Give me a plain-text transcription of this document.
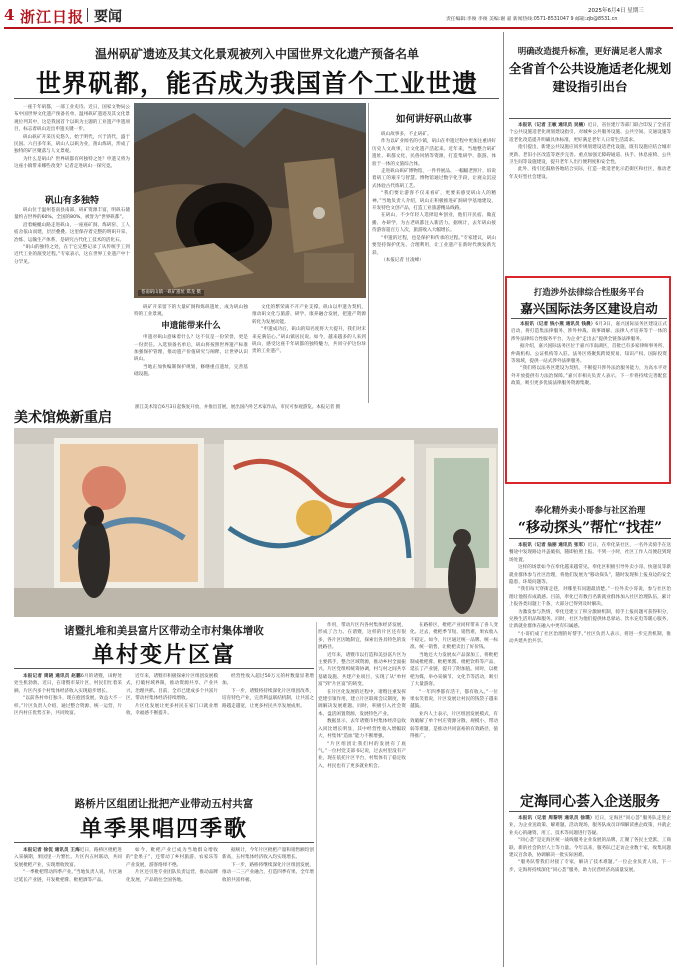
4 浙江日报 要闻	2025年6月4日 星期三
责任编辑:李俊 李俊 美编:谢 嘉 新闻热线:0571-8531047 9 邮箱:zjb@8531.cn
温州矾矿遗迹及其文化景观被列入中国世界文化遗产预备名单
世界矾都，能否成为我国首个工业世遗

一座千年矾都，一部工业史诗。近日，国家文物局公布中国世界文化遗产预备名单，温州矾矿遗迹及其文化景观位列其中，这是我国首个以矾为主题的工业遗产申遗项目，标志着矾山迈出申遗关键一步。

矾山矾矿开采历史悠久，始于明代，兴于清代，盛于民国。六百多年来，矾山人以矾为业，凿山炼矾，形成了独特的矿区聚落与人文景观。

为什么是矾山？世界矾都有何独特之处？申遗又将为这座小镇带来哪些改变？记者走进矾山一探究竟。

矾山有多独特

矾山位于温州苍南县南部，矾矿资源丰富，明矾石储量约占世界的60%、全国的80%，被誉为“世界矾都”。

沿着蜿蜒山路走进矾山，一座座矿洞、炼矾窑、工人宿舍依山而建，层层叠叠。这里保存着完整的明矾开采、冶炼、运输生产体系，是研究古代化工技术的活化石。

“矾山的独特之处，在于它完整记录了从传统手工到近代工业的演变过程。”专家表示，这在世界工业遗产中十分罕见。

苍南矾山镇一矾矿遗址 郑龙 摄
如何讲好矾山故事

矾山故事多，不止矾矿。

作为以矿业闻名的小镇，矾山在申遗过程中更加注重讲好历史人文故事，让文化遗产活起来。近年来，当地整合矾矿遗址、矾都文化、民俗风情等资源，打造集研学、旅游、体验于一体的文旅综合体。

走进矾山矾矿博物馆，一件件展品、一幅幅老照片，诉说着矾工的艰辛与智慧。博物馆通过数字化手段，让观众沉浸式体验古代炼矾工艺。

“我们要让游客不仅来看矿，更要来感受矾山人的精神。”当地负责人介绍，矾山正积极推进矿洞研学基地建设，开发特色文创产品，打造工业旅游精品线路。

在矾山，不少年轻人选择返乡创业，他们开民宿、做直播、办研学，为古老矾都注入新活力。据统计，去年矾山接待游客超百万人次，旅游收入大幅增长。

“申遗的过程，也是保护和传承的过程。”专家建议，矾山要坚持保护优先、合理利用，让工业遗产在新时代焕发新光彩。

（本报记者 甘凌峰）

矾矿开采留下的大量矿洞和炼矾遗址，成为矾山独特的工业景观。

申遗能带来什么

申遗对矾山意味着什么？这不仅是一份荣誉，更是一份责任。入选预备名单后，矾山将按照世界遗产标准加强保护管理，推动遗产价值研究与阐释，让世界认识矾山。

当地正加快编制保护规划，修缮重点遗址，完善基础设施。

文化的繁荣离不开产业支撑。矾山以申遗为契机，推动矾文化与旅游、研学、康养融合发展，把遗产资源转化为发展动能。

“申遗成功后，矾山的知名度将大大提升，我们对未来充满信心。”矾山镇居民说。如今，越来越多的人来到矾山，感受这座千年矾都的独特魅力，共同守护这份珍贵的工业遗产。

美术馆焕新重启
浙江美术馆自6月3日起恢复开放，并推出首展，展出国内外艺术家作品，市民可参观游览。本报记者 摄
诸暨扎堆和美县富片区带动全市村集体增收
单村变片区富

本报记者 周晓 通讯员 赵鹏6月的诸暨，田野处处生机勃勃。近日，在诸暨市某片区，村民们忙着采摘，片区内多个村集体经济收入实现稳步增长。

“以前各村单打独斗，现在抱团发展，效益大不一样。”片区负责人介绍，通过整合资源、统一运营，片区内村庄优势互补，共同致富。

近年来，诸暨市积极探索片区组团发展模式，打破村域界限，推动资源共享、产业共兴、治理共抓。目前，全市已建成多个共富片区，带动村集体经济持续增收。

片区化发展让更多村民在家门口就业增收，幸福感不断提升。

经营性收入超过50万元的村数量显著增加。

下一步，诸暨将持续深化片区组团改革，培育特色产业，完善利益联结机制，让共富之路越走越宽，让更多村民共享发展成果。

路桥片区组团让批把产业带动五村共富
单季果唱四季歌

本报记者 徐侃 通讯员 王海近日，路桥区枇杷进入采摘期，果园里一片繁忙。片区内五村联动，共同发展枇杷产业，实现增收致富。

“一季枇杷带动四季产业。”当地负责人说，片区通过延长产业链，开发枇杷膏、枇杷酒等产品。

如今，枇杷产业已成为当地群众增收的“金果子”，还带动了乡村旅游、农家乐等产业发展，游客络绎不绝。

片区还引进专业团队负责运营，推动品牌化发展，产品销往全国各地。

据统计，今年片区枇杷产量和销售额均创新高，五村集体经济收入均实现增长。

下一步，路桥将继续深化片区组团发展，推动一二三产业融合，打造四季有果、全年增收的共富样板。

作用，带动片区内各村集体经济发展，形成了合力。在诸暨，这样的片区还有很多，各片区因地制宜，探索出各具特色的发展路径。

近年来，诸暨市以打造和美县富片区为主要抓手，整合区域资源，推动乡村全面振兴。片区党组织统筹协调，村与村之间共享基础设施、共建产业项目，实现了从“单村富”到“片区富”的转变。

在片区化发展的过程中，诸暨注重发挥党建引领作用，建立片区联席会议制度，协调解决发展难题。同时，积极引入社会资本，盘活闲置资源，发展特色产业。

数据显示，去年诸暨市村集体经济总收入同比增长明显，其中经营性收入增幅较大，村集体“造血”能力不断增强。

“片区组团让我们村的发展有了底气。”一位村党支部书记说，过去村里没有产业，现在依托片区平台，村集体有了稳定收入，村民也有了更多就业机会。

在路桥区，枇杷产业同样带来了喜人变化。过去，枇杷季节短、销售难，果农收入不稳定。如今，片区通过统一品牌、统一标准、统一销售，让枇杷卖出了好价钱。

当地还大力发展农产品深加工，将枇杷制成枇杷膏、枇杷果酱、枇杷饮料等产品，延长了产业链，提升了附加值。同时，以枇杷为媒，举办采摘节、文化节等活动，吸引了大量游客。

“一年四季都有活干，都有收入。”一位果农笑着说，片区发展让村民的钱袋子越来越鼓。

业内人士表示，片区组团发展模式，有效破解了单个村庄资源分散、规模小、带动弱等难题，是推动共同富裕的有效路径，值得推广。

明确改造提升标准，更好满足老人需求
全省首个公共设施适老化规划建设指引出台

本报讯（记者 王敏 通讯员 吴楠）近日，省住建厅等部门联合印发了全省首个公共设施适老化规划建设指引，对城乡公共服务设施、公共空间、交通设施等适老化改造提升明确具体标准，更好满足老年人日常生活需求。

指引提出，新建公共设施应同步规划建设适老化设施，既有设施应结合城市更新、老旧小区改造等逐步完善。重点加强无障碍通道、扶手、休息座椅、公共卫生间等设施建设，提升老年人出行便利度和安全性。

此外，指引还鼓励各地结合实际，打造一批适老化示范街区和社区，推动老年友好型社会建设。

打造涉外法律综合性服务平台
嘉兴国际法务区建设启动

本报讯（记者 钱小燕 通讯员 钱晨）6月3日，嘉兴国际法务区建设正式启动，将打造集法律服务、涉外仲裁、商事调解、法律人才培养等于一体的涉外法律综合性服务平台，为企业“走出去”提供全链条法律服务。

据介绍，嘉兴国际法务区位于嘉兴市南湖区，首批已有多家律师事务所、仲裁机构、公证机构等入驻。法务区将聚焦跨境贸易、知识产权、国际投资等领域，提供一站式涉外法律服务。

“我们将以法务区建设为契机，不断提升涉外法治服务能力，为高水平对外开放提供有力法治保障。”嘉兴市相关负责人表示，下一步将持续完善配套政策，吸引更多优质法律服务资源集聚。

奉化精外卖小哥参与社区治理
“移动探头”帮忙“找茬”

本报讯（记者 翁丽 通讯员 张军）近日，在奉化某社区，一名外卖骑手在送餐途中发现路边井盖破损，随即拍照上报。不到一小时，社区工作人员便赶到现场处置。

这样的场景如今在奉化越来越常见。奉化区积极引导外卖小哥、快递员等新就业群体参与社区治理，将他们发展为“移动探头”，随时发现和上报身边的安全隐患、环境问题等。

“我们每天穿街走巷，对哪里有问题最清楚。”一位外卖小哥说，参与社区治理让他很有成就感。目前，奉化已有数百名新就业群体加入社区治理队伍，累计上报各类问题上千条，大部分已得到及时解决。

为激发参与热情，奉化还建立了积分激励机制，骑手上报问题可获得积分，兑换生活用品和服务。同时，社区为他们提供休息驿站、饮水充电等暖心服务，让新就业群体在融入中更有归属感。

“小哥们成了社区治理的好帮手。”社区负责人表示，将进一步完善机制，推动共建共治共享。

定海同心荟入企送服务

本报讯（记者 周黎明 通讯员 徐璞）近日，定海区“同心荟”服务队走进企业，为企业送政策、解难题。活动现场，服务队成员详细解读惠企政策，并就企业关心的融资、用工、技术等问题进行答疑。

“同心荟”是定海区统一战线服务企业发展的品牌，汇聚了各民主党派、工商联、新的社会阶层人士等力量。今年以来，服务队已走访企业数十家，收集问题建议百余条，协调解决一批实际困难。

“服务队帮我们对接了专家，解决了技术难题。”一位企业负责人说。下一步，定海将持续深化“同心荟”服务，助力民营经济高质量发展。
